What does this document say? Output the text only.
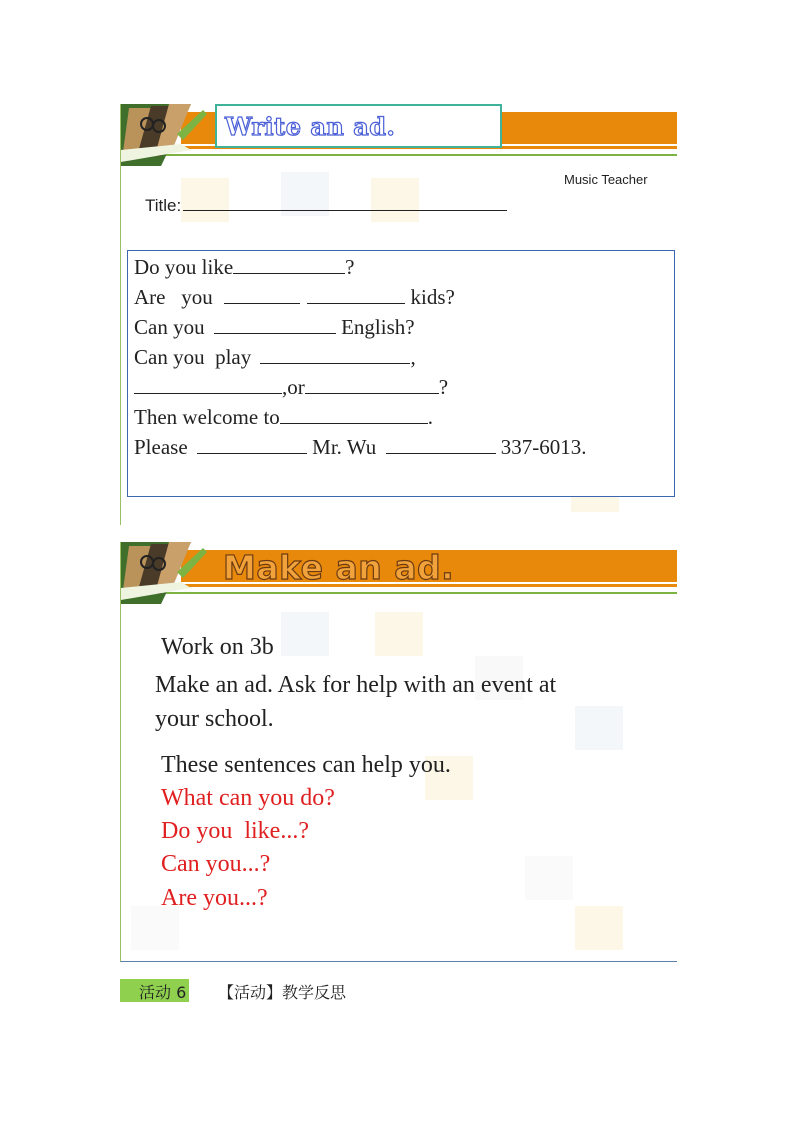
Write an ad.
Music Teacher
Title:
Do you like	?
Are   you	kids?
Can you	English?
Can you  play	,
,or	?
Then welcome to	.
Please	Mr. Wu	337-6013.
Make an ad.
Work on 3b
Make an ad. Ask for help with an event at
your school.
These sentences can help you.
What can you do?
Do you  like...?
Can you...?
Are you...?
活动 6 【活动】教学反思
